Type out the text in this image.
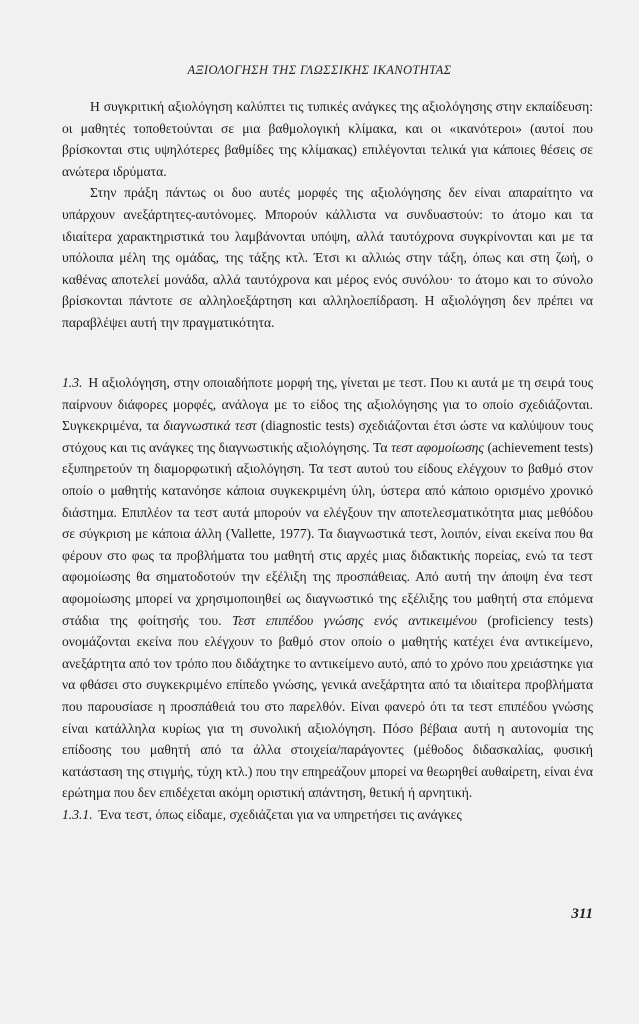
ΑΞΙΟΛΟΓΗΣΗ ΤΗΣ ΓΛΩΣΣΙΚΗΣ ΙΚΑΝΟΤΗΤΑΣ

Η συγκριτική αξιολόγηση καλύπτει τις τυπικές ανάγκες της αξιολόγησης στην εκπαίδευση: οι μαθητές τοποθετούνται σε μια βαθμολογική κλίμακα, και οι «ικανότεροι» (αυτοί που βρίσκονται στις υψηλότερες βαθμίδες της κλίμακας) επιλέγονται τελικά για κάποιες θέσεις σε ανώτερα ιδρύματα.

Στην πράξη πάντως οι δυο αυτές μορφές της αξιολόγησης δεν είναι απαραίτητο να υπάρχουν ανεξάρτητες-αυτόνομες. Μπορούν κάλλιστα να συνδυαστούν: το άτομο και τα ιδιαίτερα χαρακτηριστικά του λαμβάνονται υπόψη, αλλά ταυτόχρονα συγκρίνονται και με τα υπόλοιπα μέλη της ομάδας, της τάξης κτλ. Έτσι κι αλλιώς στην τάξη, όπως και στη ζωή, ο καθένας αποτελεί μονάδα, αλλά ταυτόχρονα και μέρος ενός συνόλου· το άτομο και το σύνολο βρίσκονται πάντοτε σε αλληλοεξάρτηση και αλληλοεπίδραση. Η αξιολόγηση δεν πρέπει να παραβλέψει αυτή την πραγματικότητα.

1.3. Η αξιολόγηση, στην οποιαδήποτε μορφή της, γίνεται με τεστ. Που κι αυτά με τη σειρά τους παίρνουν διάφορες μορφές, ανάλογα με το είδος της αξιολόγησης για το οποίο σχεδιάζονται. Συγκεκριμένα, τα διαγνωστικά τεστ (diagnostic tests) σχεδιάζονται έτσι ώστε να καλύψουν τους στόχους και τις ανάγκες της διαγνωστικής αξιολόγησης. Τα τεστ αφομοίωσης (achievement tests) εξυπηρετούν τη διαμορφωτική αξιολόγηση. Τα τεστ αυτού του είδους ελέγχουν το βαθμό στον οποίο ο μαθητής κατανόησε κάποια συγκεκριμένη ύλη, ύστερα από κάποιο ορισμένο χρονικό διάστημα. Επιπλέον τα τεστ αυτά μπορούν να ελέγξουν την αποτελεσματικότητα μιας μεθόδου σε σύγκριση με κάποια άλλη (Vallette, 1977). Τα διαγνωστικά τεστ, λοιπόν, είναι εκείνα που θα φέρουν στο φως τα προβλήματα του μαθητή στις αρχές μιας διδακτικής πορείας, ενώ τα τεστ αφομοίωσης θα σηματοδοτούν την εξέλιξη της προσπάθειας. Από αυτή την άποψη ένα τεστ αφομοίωσης μπορεί να χρησιμοποιηθεί ως διαγνωστικό της εξέλιξης του μαθητή στα επόμενα στάδια της φοίτησής του. Τεστ επιπέδου γνώσης ενός αντικειμένου (proficiency tests) ονομάζονται εκείνα που ελέγχουν το βαθμό στον οποίο ο μαθητής κατέχει ένα αντικείμενο, ανεξάρτητα από τον τρόπο που διδάχτηκε το αντικείμενο αυτό, από το χρόνο που χρειάστηκε για να φθάσει στο συγκεκριμένο επίπεδο γνώσης, γενικά ανεξάρτητα από τα ιδιαίτερα προβλήματα που παρουσίασε η προσπάθειά του στο παρελθόν. Είναι φανερό ότι τα τεστ επιπέδου γνώσης είναι κατάλληλα κυρίως για τη συνολική αξιολόγηση. Πόσο βέβαια αυτή η αυτονομία της επίδοσης του μαθητή από τα άλλα στοιχεία/παράγοντες (μέθοδος διδασκαλίας, φυσική κατάσταση της στιγμής, τύχη κτλ.) που την επηρεάζουν μπορεί να θεωρηθεί αυθαίρετη, είναι ένα ερώτημα που δεν επιδέχεται ακόμη οριστική απάντηση, θετική ή αρνητική.

1.3.1. Ένα τεστ, όπως είδαμε, σχεδιάζεται για να υπηρετήσει τις ανάγκες

311
